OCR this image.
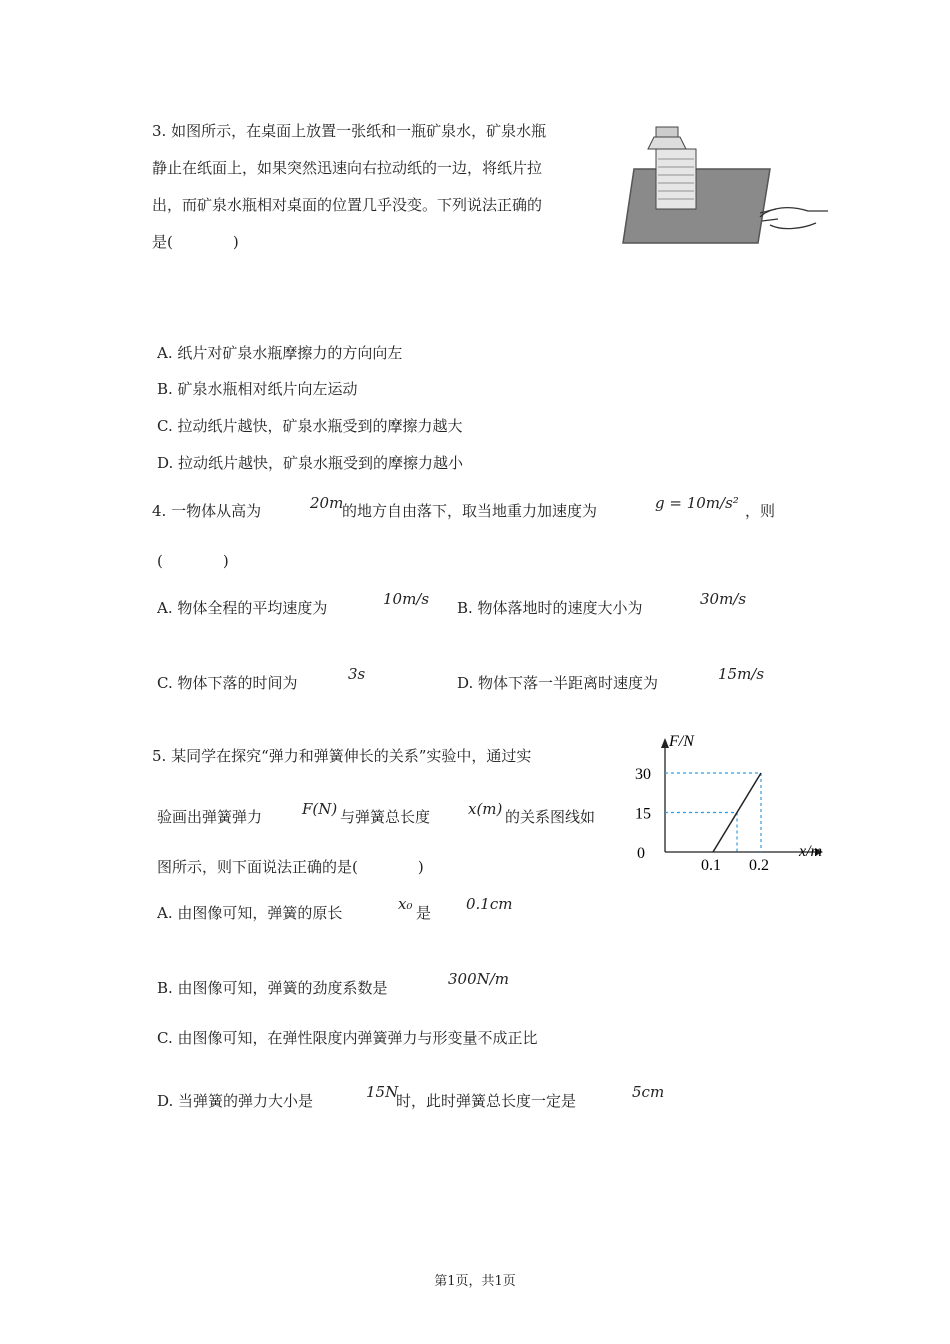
3. 如图所示，在桌面上放置一张纸和一瓶矿泉水，矿泉水瓶
静止在纸面上，如果突然迅速向右拉动纸的一边，将纸片拉
出，而矿泉水瓶相对桌面的位置几乎没变。下列说法正确的
是(　　　　)
A. 纸片对矿泉水瓶摩擦力的方向向左
B. 矿泉水瓶相对纸片向左运动
C. 拉动纸片越快，矿泉水瓶受到的摩擦力越大
D. 拉动纸片越快，矿泉水瓶受到的摩擦力越小
4. 一物体从高为	20m
的地方自由落下，取当地重力加速度为	g = 10m/s² ，则
(　　　　)
A. 物体全程的平均速度为	10m/s B. 物体落地时的速度大小为	30m/s
C. 物体下落的时间为	3s	D. 物体下落一半距离时速度为	15m/s
5. 某同学在探究“弹力和弹簧伸长的关系”实验中，通过实
验画出弹簧弹力	F(N) 与弹簧总长度	x(m) 的关系图线如
图所示，则下面说法正确的是(　　　　)
F/N
x/m
0
0.1 0.2
15
30
A. 由图像可知，弹簧的原长	x₀ 是 0.1cm
B. 由图像可知，弹簧的劲度系数是	300N/m
C. 由图像可知，在弹性限度内弹簧弹力与形变量不成正比
D. 当弹簧的弹力大小是	15N
时，此时弹簧总长度一定是	5cm
第1页，共1页
